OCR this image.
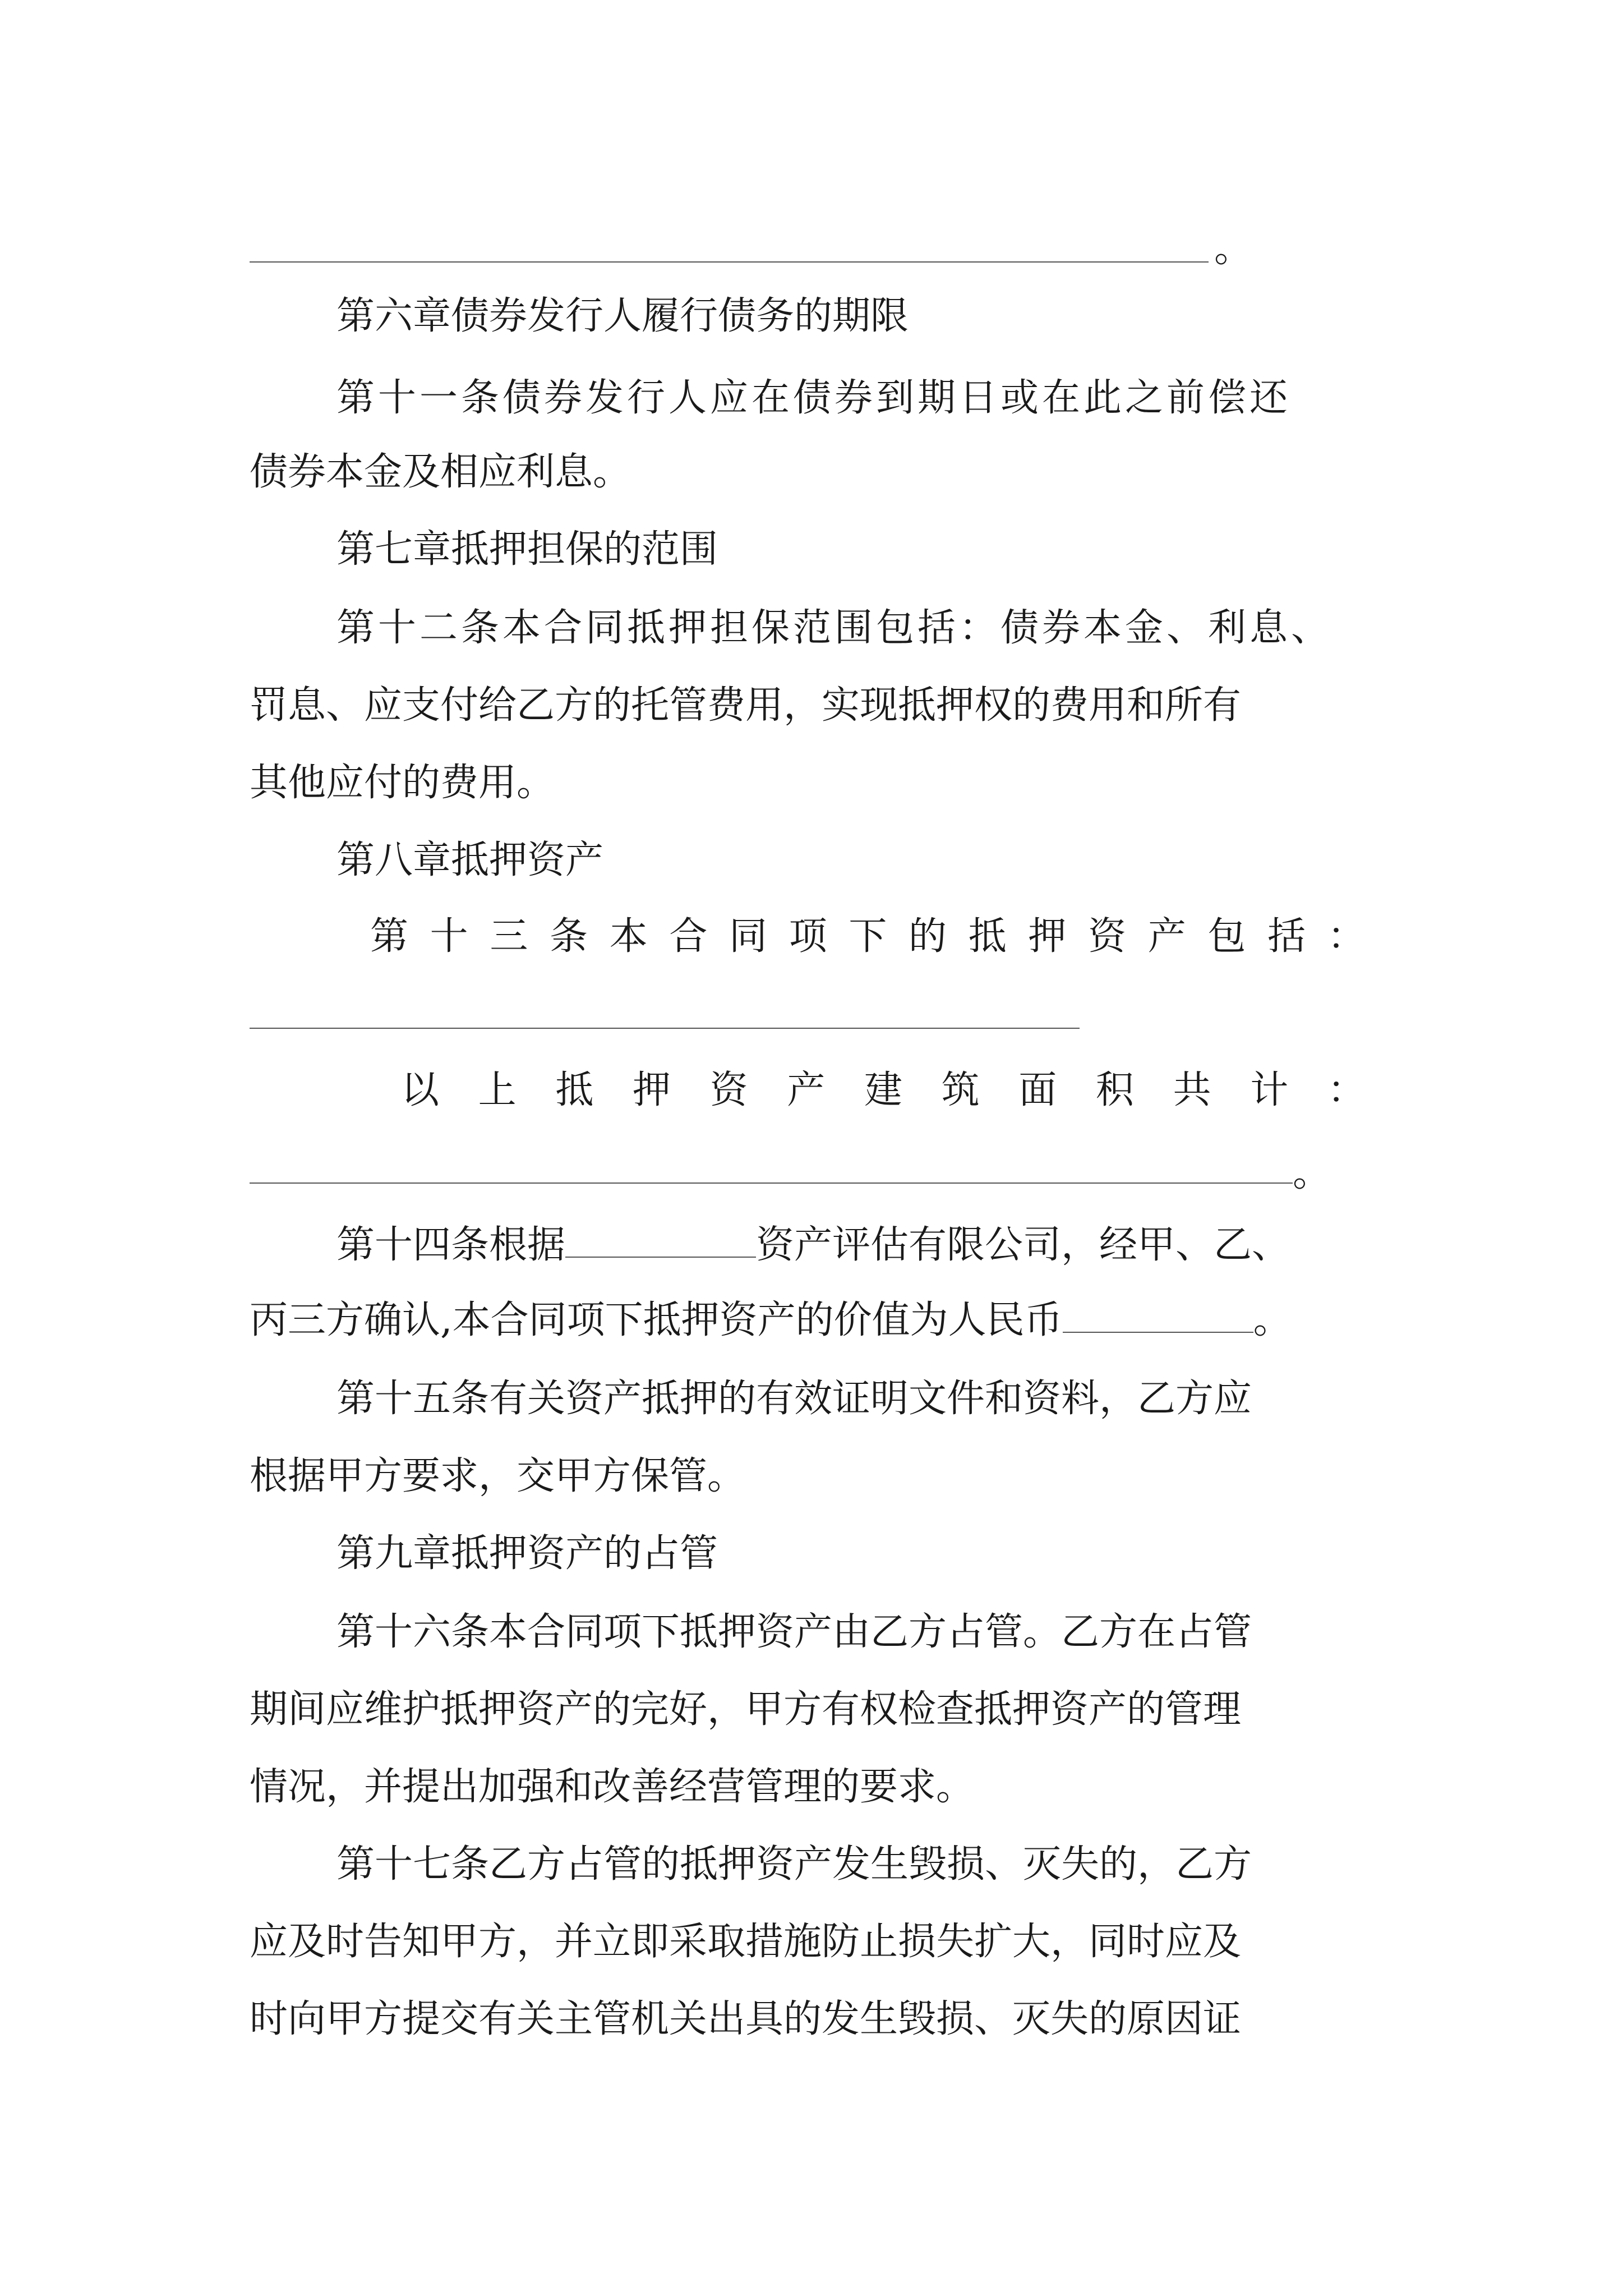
。
第六章债券发行人履行债务的期限
第十一条债券发行人应在债券到期日或在此之前偿还
债券本金及相应利息。
第七章抵押担保的范围
第十二条本合同抵押担保范围包括：债券本金、利息、
罚息、应支付给乙方的托管费用，实现抵押权的费用和所有
其他应付的费用。
第八章抵押资产
第 十 三 条 本 合 同 项 下 的 抵 押 资 产 包 括 ：
以 上 抵 押 资 产 建 筑 面 积 共 计 ：
。
第十四条根据	资产评估有限公司，经甲、乙、
丙三方确认,本合同项下抵押资产的价值为人民币	。
第十五条有关资产抵押的有效证明文件和资料，乙方应
根据甲方要求，交甲方保管。
第九章抵押资产的占管
第十六条本合同项下抵押资产由乙方占管。乙方在占管
期间应维护抵押资产的完好，甲方有权检查抵押资产的管理
情况，并提出加强和改善经营管理的要求。
第十七条乙方占管的抵押资产发生毁损、灭失的，乙方
应及时告知甲方，并立即采取措施防止损失扩大，同时应及
时向甲方提交有关主管机关出具的发生毁损、灭失的原因证
